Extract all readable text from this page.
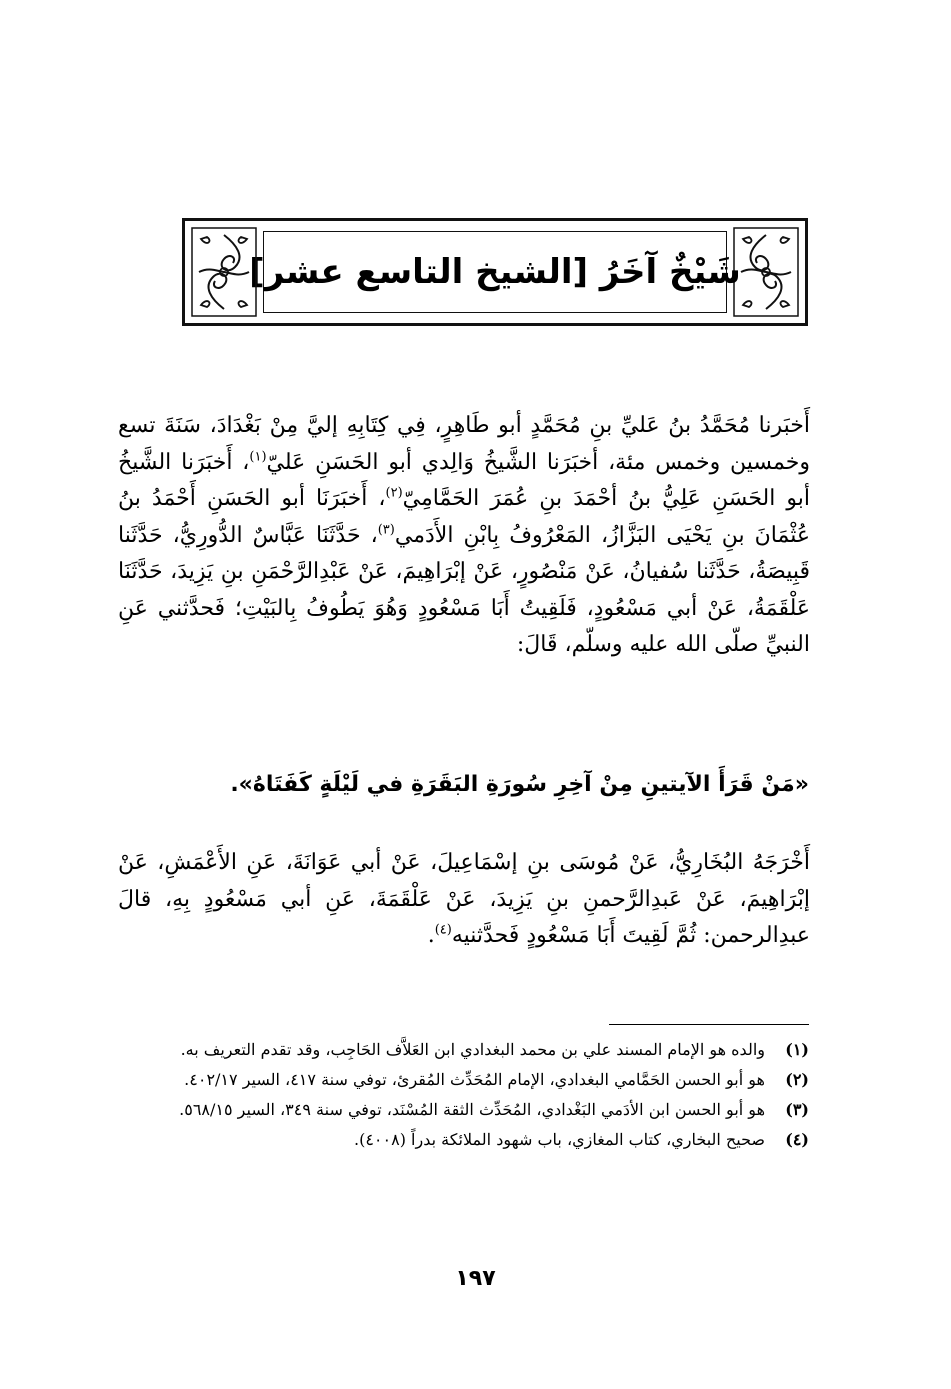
شَيْخٌ آخَرُ [الشيخ التاسع عشر]
أَخبَرنا مُحَمَّدُ بنُ عَليِّ بنِ مُحَمَّدٍ أبو طَاهِرٍ، فِي كِتَابِهِ إليَّ مِنْ بَغْدَادَ، سَنَةَ تسع وخمسين وخمس مئة، أخبَرَنا الشَّيخُ وَالِدي أبو الحَسَنِ عَليّ$^{(١)}$، أَخبَرَنا الشَّيخُ أبو الحَسَنِ عَلِيُّ بنُ أحْمَدَ بنِ عُمَرَ الحَمَّامِيّ$^{(٢)}$، أَخبَرَنَا أبو الحَسَنِ أَحْمَدُ بنُ عُثْمَانَ بنِ يَحْيَى البَزَّازُ، المَعْرُوفُ بِابْنِ الأَدَمي$^{(٣)}$، حَدَّثَنَا عَبَّاسٌ الدُّورِيُّ، حَدَّثَنا قَبِيصَةُ، حَدَّثَنا سُفيانُ، عَنْ مَنْصُورٍ، عَنْ إبْرَاهِيمَ، عَنْ عَبْدِالرَّحْمَنِ بنِ يَزِيدَ، حَدَّثَنَا عَلْقَمَةُ، عَنْ أبي مَسْعُودٍ، فَلَقِيتُ أَبَا مَسْعُودٍ وَهُوَ يَطُوفُ بِالبَيْتِ؛ فَحدَّثني عَنِ النبيِّ صلّى الله عليه وسلّم، قَالَ:
«مَنْ قَرَأَ الآيتينِ مِنْ آخِرِ سُورَةِ البَقَرَةِ في لَيْلَةٍ كَفَتَاهُ».
أَخْرَجَهُ البُخَارِيُّ، عَنْ مُوسَى بنِ إسْمَاعِيلَ، عَنْ أبي عَوَانَةَ، عَنِ الأَعْمَشِ، عَنْ إبْرَاهِيمَ، عَنْ عَبدِالرَّحمنِ بنِ يَزِيدَ، عَنْ عَلْقَمَةَ، عَنِ أبي مَسْعُودٍ بِهِ، قالَ عبدِالرحمن: ثُمَّ لَقِيتَ أَبَا مَسْعُودٍ فَحدَّثنيه$^{(٤)}$.
(١)
والده هو الإمام المسند علي بن محمد البغدادي ابن العَلاَّف الحَاجِب، وقد تقدم التعريف به.
(٢)
هو أبو الحسن الحَمَّامي البغدادي، الإمام المُحَدِّث المُقرئ، توفي سنة ٤١٧، السير ٤٠٢/١٧.
(٣)
هو أبو الحسن ابن الأدَمي البَغْدادي، المُحَدِّث الثقة المُسْنَد، توفي سنة ٣٤٩، السير ٥٦٨/١٥.
(٤)
صحيح البخاري، كتاب المغازي، باب شهود الملائكة بدراً (٤٠٠٨).
١٩٧
